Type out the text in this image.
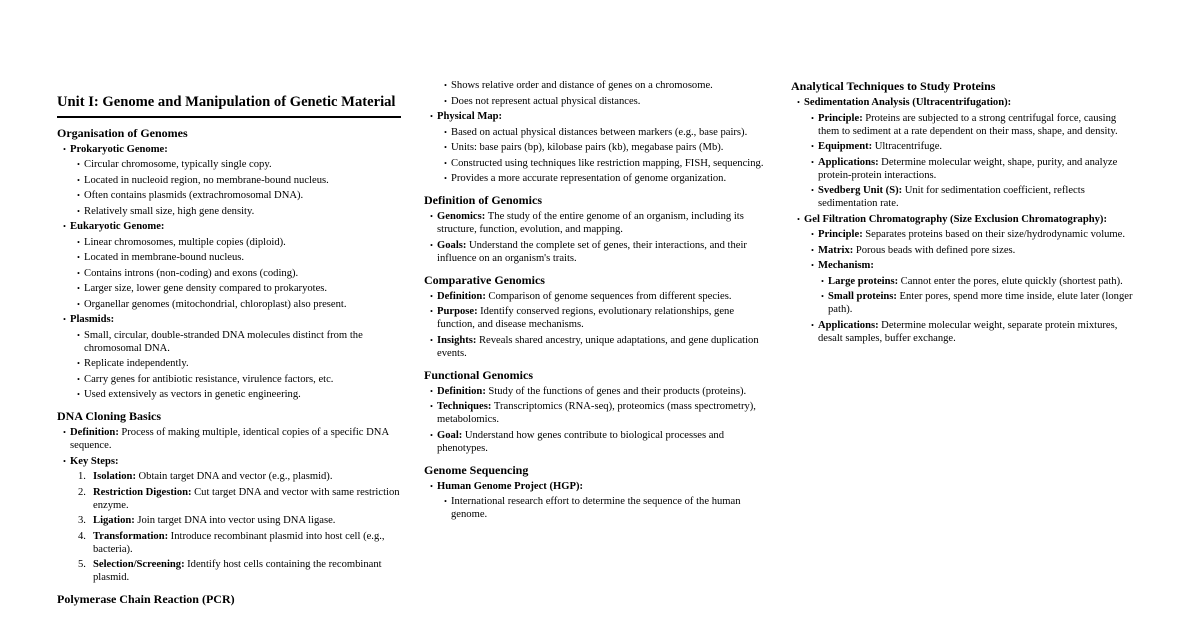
Unit I: Genome and Manipulation of Genetic Material
Organisation of Genomes
• Prokaryotic Genome:
• Circular chromosome, typically single copy.
• Located in nucleoid region, no membrane-bound nucleus.
• Often contains plasmids (extrachromosomal DNA).
• Relatively small size, high gene density.
• Eukaryotic Genome:
• Linear chromosomes, multiple copies (diploid).
• Located in membrane-bound nucleus.
• Contains introns (non-coding) and exons (coding).
• Larger size, lower gene density compared to prokaryotes.
• Organellar genomes (mitochondrial, chloroplast) also present.
• Plasmids:
• Small, circular, double-stranded DNA molecules distinct from the chromosomal DNA.
• Replicate independently.
• Carry genes for antibiotic resistance, virulence factors, etc.
• Used extensively as vectors in genetic engineering.
DNA Cloning Basics
• Definition: Process of making multiple, identical copies of a specific DNA sequence.
• Key Steps:
1. Isolation: Obtain target DNA and vector (e.g., plasmid).
2. Restriction Digestion: Cut target DNA and vector with same restriction enzyme.
3. Ligation: Join target DNA into vector using DNA ligase.
4. Transformation: Introduce recombinant plasmid into host cell (e.g., bacteria).
5. Selection/Screening: Identify host cells containing the recombinant plasmid.
Polymerase Chain Reaction (PCR)
• Shows relative order and distance of genes on a chromosome.
• Does not represent actual physical distances.
• Physical Map:
• Based on actual physical distances between markers (e.g., base pairs).
• Units: base pairs (bp), kilobase pairs (kb), megabase pairs (Mb).
• Constructed using techniques like restriction mapping, FISH, sequencing.
• Provides a more accurate representation of genome organization.
Definition of Genomics
• Genomics: The study of the entire genome of an organism, including its structure, function, evolution, and mapping.
• Goals: Understand the complete set of genes, their interactions, and their influence on an organism's traits.
Comparative Genomics
• Definition: Comparison of genome sequences from different species.
• Purpose: Identify conserved regions, evolutionary relationships, gene function, and disease mechanisms.
• Insights: Reveals shared ancestry, unique adaptations, and gene duplication events.
Functional Genomics
• Definition: Study of the functions of genes and their products (proteins).
• Techniques: Transcriptomics (RNA-seq), proteomics (mass spectrometry), metabolomics.
• Goal: Understand how genes contribute to biological processes and phenotypes.
Genome Sequencing
• Human Genome Project (HGP):
• International research effort to determine the sequence of the human genome.
Analytical Techniques to Study Proteins
• Sedimentation Analysis (Ultracentrifugation):
• Principle: Proteins are subjected to a strong centrifugal force, causing them to sediment at a rate dependent on their mass, shape, and density.
• Equipment: Ultracentrifuge.
• Applications: Determine molecular weight, shape, purity, and analyze protein-protein interactions.
• Svedberg Unit (S): Unit for sedimentation coefficient, reflects sedimentation rate.
• Gel Filtration Chromatography (Size Exclusion Chromatography):
• Principle: Separates proteins based on their size/hydrodynamic volume.
• Matrix: Porous beads with defined pore sizes.
• Mechanism:
• Large proteins: Cannot enter the pores, elute quickly (shortest path).
• Small proteins: Enter pores, spend more time inside, elute later (longer path).
• Applications: Determine molecular weight, separate protein mixtures, desalt samples, buffer exchange.
